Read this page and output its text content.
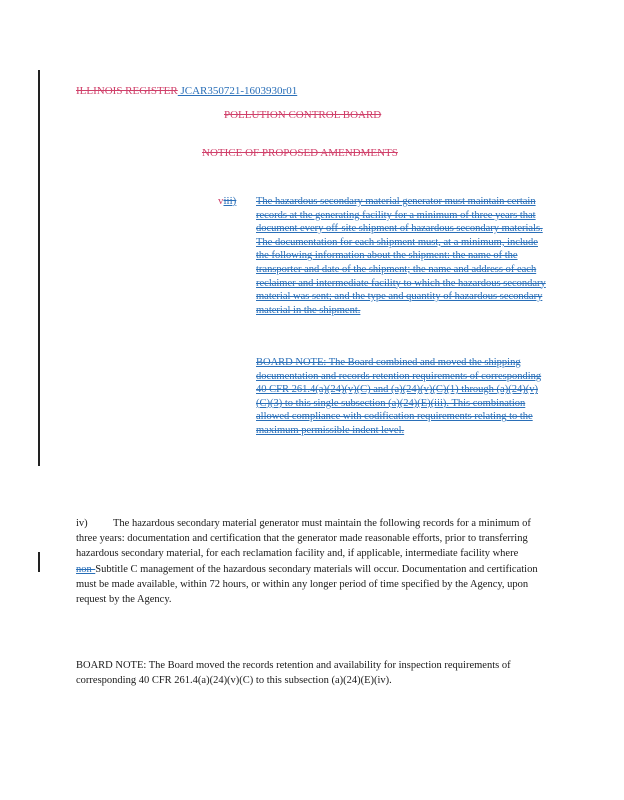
ILLINOIS REGISTER JCAR350721-1603930r01
POLLUTION CONTROL BOARD
NOTICE OF PROPOSED AMENDMENTS
viii) The hazardous secondary material generator must maintain certain records at the generating facility for a minimum of three years that document every off-site shipment of hazardous secondary materials. The documentation for each shipment must, at a minimum, include the following information about the shipment: the name of the transporter and date of the shipment; the name and address of each reclaimer and intermediate facility to which the hazardous secondary material was sent; and the type and quantity of hazardous secondary material in the shipment.
BOARD NOTE: The Board combined and moved the shipping documentation and records retention requirements of corresponding 40 CFR 261.4(a)(24)(v)(C) and (a)(24)(v)(C)(1) through (a)(24)(v)(C)(3) to this single subsection (a)(24)(E)(iii). This combination allowed compliance with codification requirements relating to the maximum permissible indent level.
iv) The hazardous secondary material generator must maintain the following records for a minimum of three years: documentation and certification that the generator made reasonable efforts, prior to transferring hazardous secondary material, for each reclamation facility and, if applicable, intermediate facility where non-Subtitle C management of the hazardous secondary materials will occur. Documentation and certification must be made available, within 72 hours, or within any longer period of time specified by the Agency, upon request by the Agency.
BOARD NOTE: The Board moved the records retention and availability for inspection requirements of corresponding 40 CFR 261.4(a)(24)(v)(C) to this subsection (a)(24)(E)(iv).
